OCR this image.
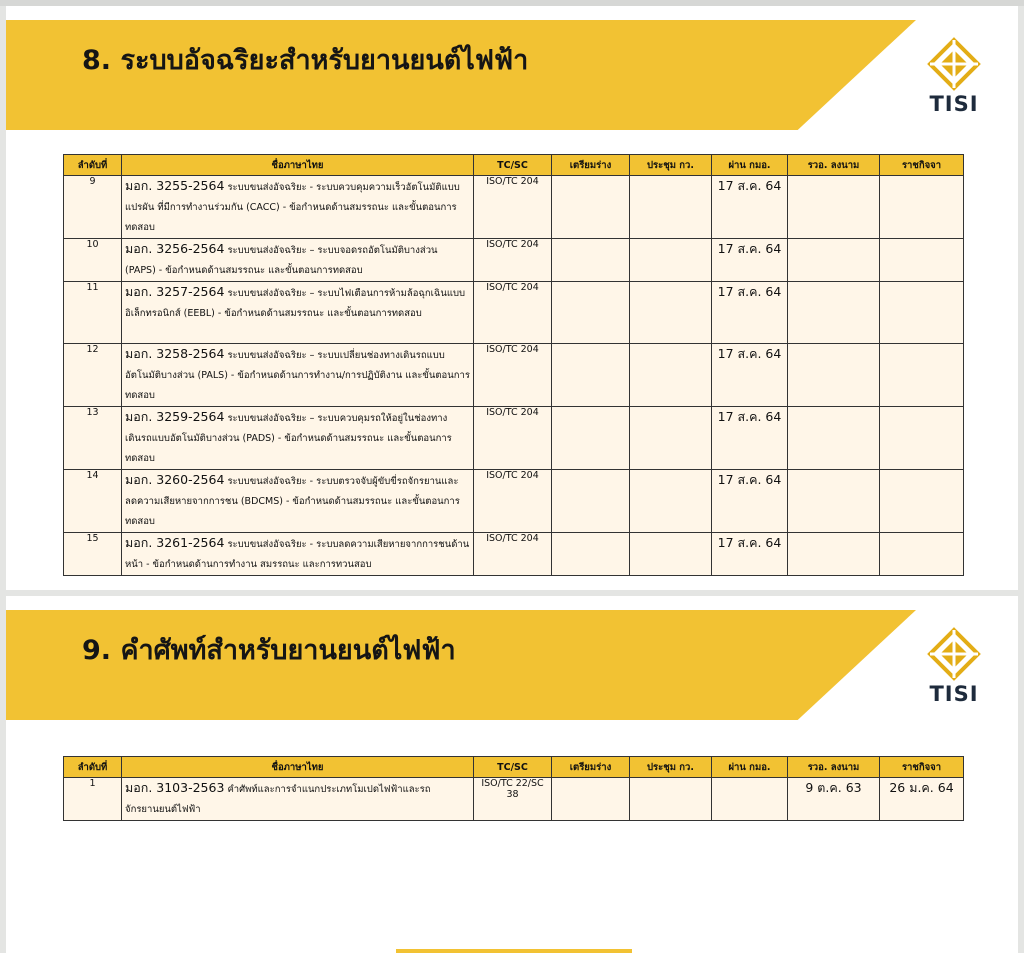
8. ระบบอัจฉริยะสำหรับยานยนต์ไฟฟ้า
TISI
ลำดับที่	ชื่อภาษาไทย	TC/SC	เตรียมร่าง	ประชุม กว.	ผ่าน กมอ.	รวอ. ลงนาม	ราชกิจจา
9	มอก. 3255-2564 ระบบขนส่งอัจฉริยะ - ระบบควบคุมความเร็วอัตโนมัติแบบแปรผัน ที่มีการทำงานร่วมกัน (CACC) - ข้อกำหนดด้านสมรรถนะ และขั้นตอนการทดสอบ	ISO/TC 204			17 ส.ค. 64		
10	มอก. 3256-2564 ระบบขนส่งอัจฉริยะ – ระบบจอดรถอัตโนมัติบางส่วน (PAPS) - ข้อกำหนดด้านสมรรถนะ และขั้นตอนการทดสอบ	ISO/TC 204			17 ส.ค. 64		
11	มอก. 3257-2564 ระบบขนส่งอัจฉริยะ – ระบบไฟเตือนการห้ามล้อฉุกเฉินแบบอิเล็กทรอนิกส์ (EEBL) - ข้อกำหนดด้านสมรรถนะ และขั้นตอนการทดสอบ	ISO/TC 204			17 ส.ค. 64		
12	มอก. 3258-2564 ระบบขนส่งอัจฉริยะ – ระบบเปลี่ยนช่องทางเดินรถแบบอัตโนมัติบางส่วน (PALS) - ข้อกำหนดด้านการทำงาน/การปฏิบัติงาน และขั้นตอนการทดสอบ	ISO/TC 204			17 ส.ค. 64		
13	มอก. 3259-2564 ระบบขนส่งอัจฉริยะ – ระบบควบคุมรถให้อยู่ในช่องทางเดินรถแบบอัตโนมัติบางส่วน (PADS) - ข้อกำหนดด้านสมรรถนะ และขั้นตอนการทดสอบ	ISO/TC 204			17 ส.ค. 64		
14	มอก. 3260-2564 ระบบขนส่งอัจฉริยะ - ระบบตรวจจับผู้ขับขี่รถจักรยานและลดความเสียหายจากการชน (BDCMS) - ข้อกำหนดด้านสมรรถนะ และขั้นตอนการทดสอบ	ISO/TC 204			17 ส.ค. 64		
15	มอก. 3261-2564 ระบบขนส่งอัจฉริยะ - ระบบลดความเสียหายจากการชนด้านหน้า - ข้อกำหนดด้านการทำงาน สมรรถนะ และการทวนสอบ	ISO/TC 204			17 ส.ค. 64		
9. คำศัพท์สำหรับยานยนต์ไฟฟ้า
TISI
ลำดับที่	ชื่อภาษาไทย	TC/SC	เตรียมร่าง	ประชุม กว.	ผ่าน กมอ.	รวอ. ลงนาม	ราชกิจจา
1	มอก. 3103-2563 คำศัพท์และการจำแนกประเภทโมเปดไฟฟ้าและรถจักรยานยนต์ไฟฟ้า	ISO/TC 22/SC 38				9 ต.ค. 63	26 ม.ค. 64
